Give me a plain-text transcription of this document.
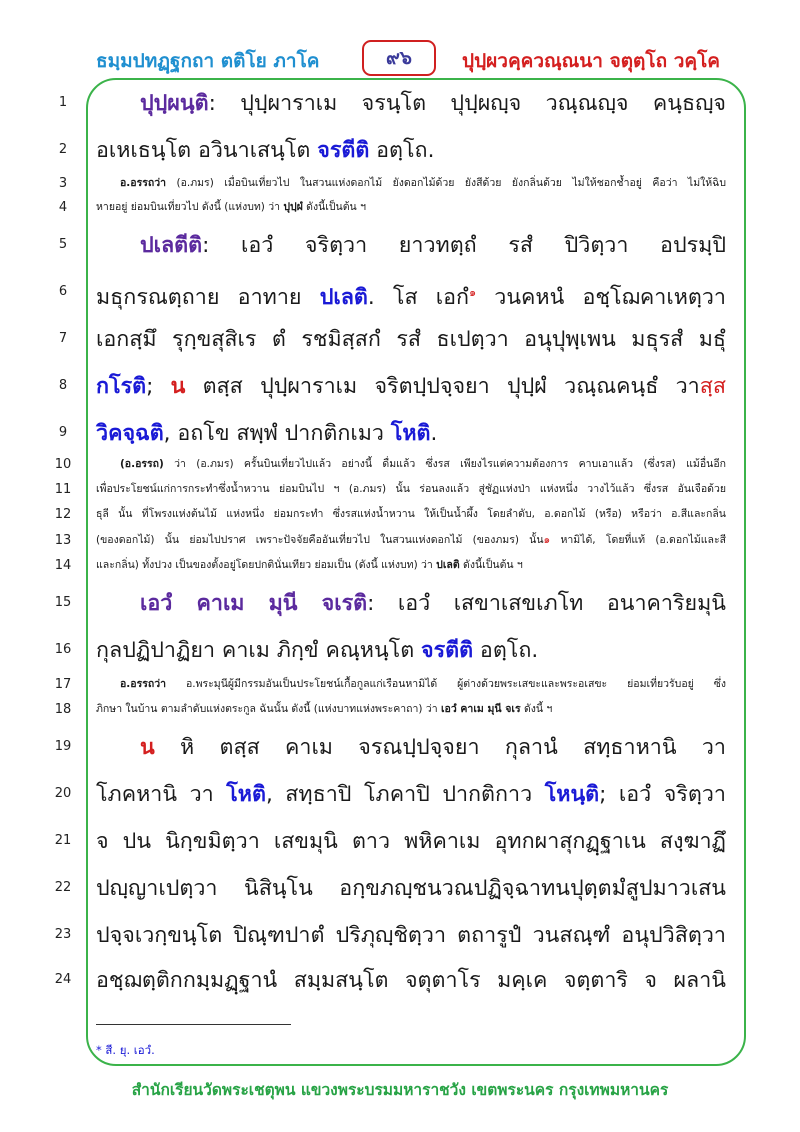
ธมฺมปทฏฺฐกถา ตติโย ภาโค	๙๖	ปุปฺผวคฺควณฺณนา จตุตฺโถ วคฺโค
1
2
3
4
5
6
7
8
9
10
11
12
13
14
15
16
17
18
19
20
21
22
23
24
ปุปฺผนฺติ: ปุปฺผาราเม จรนฺโต ปุปฺผญฺจ วณฺณญฺจ คนฺธญฺจ
อเหเธนฺโต อวินาเสนฺโต จรตีติ อตฺโถ.
อ.อรรถว่า (อ.ภมร) เมื่อบินเที่ยวไป ในสวนแห่งดอกไม้ ยังดอกไม้ด้วย ยังสีด้วย ยังกลิ่นด้วย ไม่ให้ชอกช้ำอยู่ คือว่า ไม่ให้ฉิบ
หายอยู่ ย่อมบินเที่ยวไป ดังนี้ (แห่งบท) ว่า ปุปฺผํ ดังนี้เป็นต้น ฯ
ปเลตีติ: เอวํ จริตฺวา ยาวทตฺถํ รสํ ปิวิตฺวา อปรมฺปิ
มธุกรณตฺถาย อาทาย ปเลติ. โส เอกํ$^๑$ วนคหนํ อชฺโฌคาเหตฺวา
เอกสฺมึ รุกฺขสุสิเร ตํ รชมิสฺสกํ รสํ ธเปตฺวา อนุปุพฺเพน มธุรสํ มธุํ
กโรติ; น ตสฺส ปุปฺผาราเม จริตปฺปจฺจยา ปุปฺผํ วณฺณคนฺธํ วาสฺส
วิคจฺฉติ, อถโข สพฺพํ ปากติกเมว โหติ.
(อ.อรรถ) ว่า (อ.ภมร) ครั้นบินเที่ยวไปแล้ว อย่างนี้ ดื่มแล้ว ซึ่งรส เพียงไรแต่ความต้องการ คาบเอาแล้ว (ซึ่งรส) แม้อื่นอีก
เพื่อประโยชน์แก่การกระทำซึ่งน้ำหวาน ย่อมบินไป ฯ (อ.ภมร) นั้น ร่อนลงแล้ว สู่ชัฏแห่งป่า แห่งหนึ่ง วางไว้แล้ว ซึ่งรส อันเจือด้วย
ธุลี นั้น ที่โพรงแห่งต้นไม้ แห่งหนึ่ง ย่อมกระทำ ซึ่งรสแห่งน้ำหวาน ให้เป็นน้ำผึ้ง โดยลำดับ, อ.ดอกไม้ (หรือ) หรือว่า อ.สีและกลิ่น
(ของดอกไม้) นั้น ย่อมไปปราศ เพราะปัจจัยคืออันเที่ยวไป ในสวนแห่งดอกไม้ (ของภมร) นั้น๑ หามิได้, โดยที่แท้ (อ.ดอกไม้และสี
และกลิ่น) ทั้งปวง เป็นของตั้งอยู่โดยปกตินั่นเทียว ย่อมเป็น (ดังนี้ แห่งบท) ว่า ปเลติ ดังนี้เป็นต้น ฯ
เอวํ คาเม มุนี จเรติ: เอวํ เสขาเสขเภโท อนาคาริยมุนิ
กุลปฏิปาฏิยา คาเม ภิกฺขํ คณฺหนฺโต จรตีติ อตฺโถ.
อ.อรรถว่า อ.พระมุนีผู้มีกรรมอันเป็นประโยชน์เกื้อกูลแก่เรือนหามิได้ ผู้ต่างด้วยพระเสขะและพระอเสขะ ย่อมเที่ยวรับอยู่ ซึ่ง
ภิกษา ในบ้าน ตามลำดับแห่งตระกูล ฉันนั้น ดังนี้ (แห่งบาทแห่งพระคาถา) ว่า เอวํ คาเม มุนี จเร ดังนี้ ฯ
น หิ ตสฺส คาเม จรณปฺปจฺจยา กุลานํ สทฺธาหานิ วา
โภคหานิ วา โหติ, สทฺธาปิ โภคาปิ ปากติกาว โหนฺติ; เอวํ จริตฺวา
จ ปน นิกฺขมิตฺวา เสขมุนิ ตาว พหิคาเม อุทกผาสุกฏฺฐาเน สงฺฆาฏึ
ปญฺญาเปตฺวา นิสินฺโน อกฺขภญฺชนวณปฏิจฺฉาทนปุตฺตมํสูปมาวเสน
ปจฺจเวกฺขนฺโต ปิณฺฑปาตํ ปริภุญฺชิตฺวา ตถารูปํ วนสณฺฑํ อนุปวิสิตฺวา
อชฺฌตฺติกกมฺมฏฺฐานํ สมฺมสนฺโต จตุตาโร มคฺเค จตฺตาริ จ ผลานิ
* สี. ยุ. เอวํ.
สำนักเรียนวัดพระเชตุพน แขวงพระบรมมหาราชวัง เขตพระนคร กรุงเทพมหานคร
